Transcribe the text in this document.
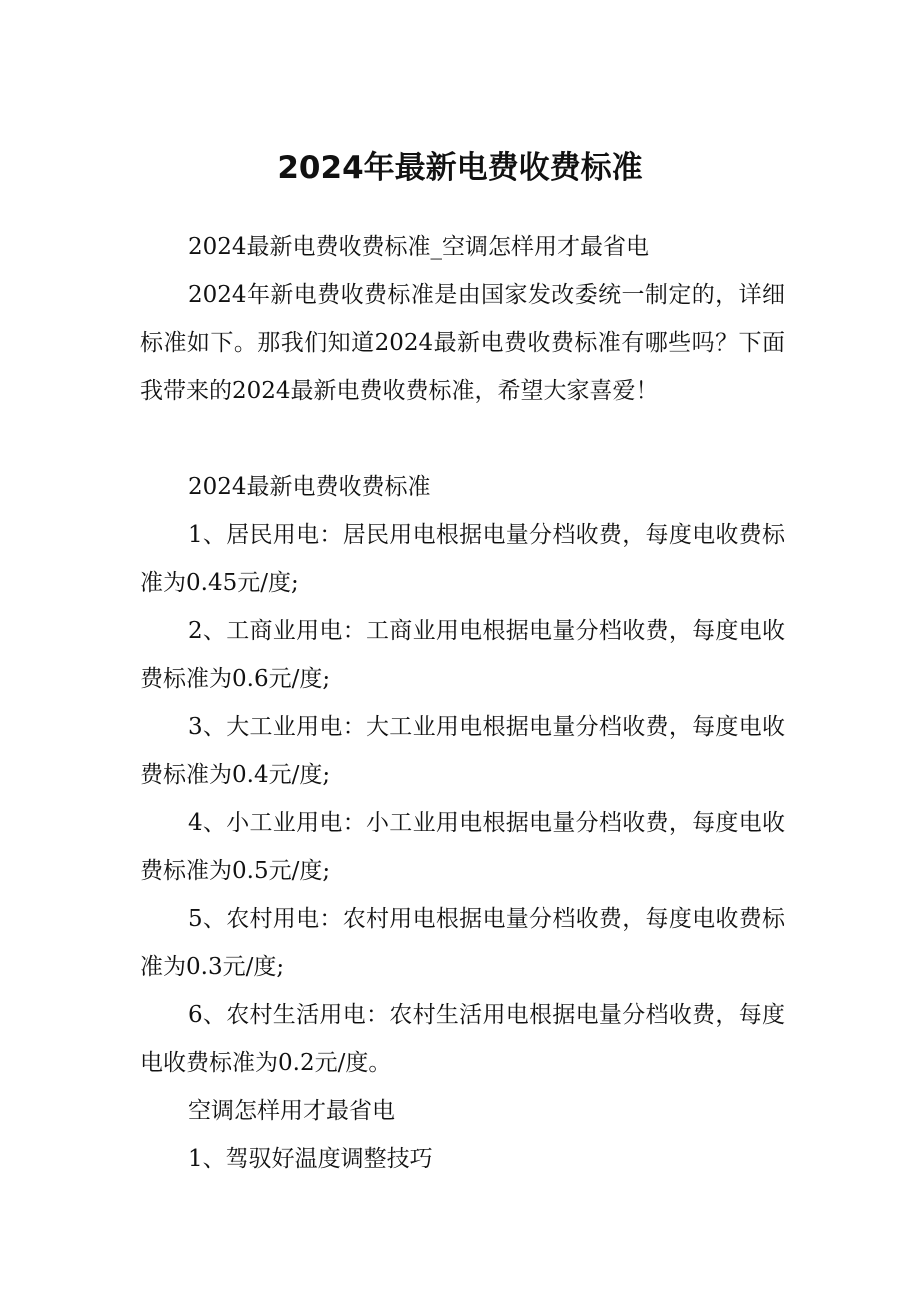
2024年最新电费收费标准

2024最新电费收费标准_空调怎样用才最省电

2024年新电费收费标准是由国家发改委统一制定的，详细标准如下。那我们知道2024最新电费收费标准有哪些吗？下面我带来的2024最新电费收费标准，希望大家喜爱！

2024最新电费收费标准

1、居民用电：居民用电根据电量分档收费，每度电收费标准为0.45元/度;

2、工商业用电：工商业用电根据电量分档收费，每度电收费标准为0.6元/度;

3、大工业用电：大工业用电根据电量分档收费，每度电收费标准为0.4元/度;

4、小工业用电：小工业用电根据电量分档收费，每度电收费标准为0.5元/度;

5、农村用电：农村用电根据电量分档收费，每度电收费标准为0.3元/度;

6、农村生活用电：农村生活用电根据电量分档收费，每度电收费标准为0.2元/度。

空调怎样用才最省电

1、驾驭好温度调整技巧
